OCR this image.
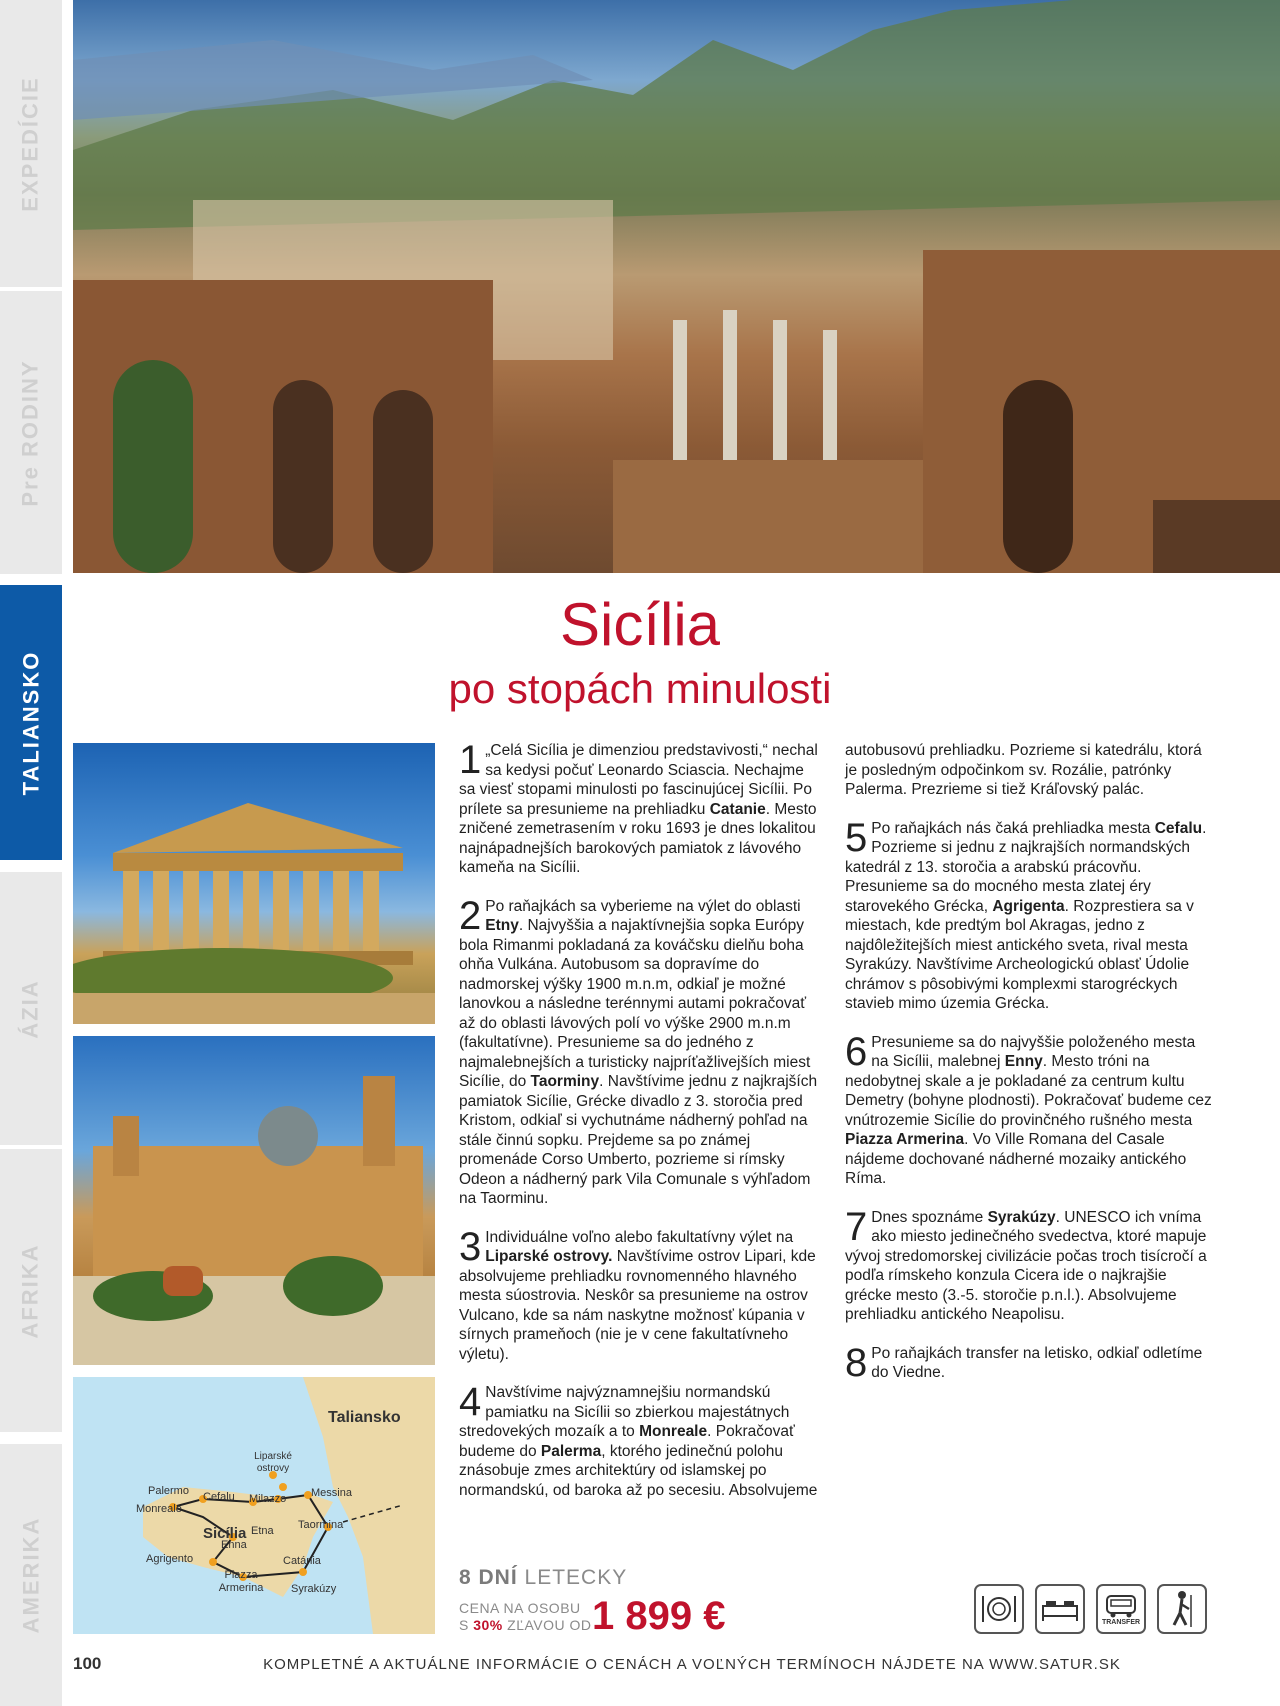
EXPEDÍCIE
Pre RODINY
TALIANSKO
ÁZIA
AFRIKA
AMERIKA
Sicília
po stopách minulosti
Taliansko
Sicília
Liparské ostrovy
Palermo
Monreale
Cefalu Milazzo Messina
Etna
Enna
Taormina
Agrigento	Catánia
Piazza Armerina	Syrakúzy
1 „Celá Sicília je dimenziou predstavivosti,“ nechal sa kedysi počuť Leonardo Sciascia. Nechajme sa viesť stopami minulosti po fascinujúcej Sicílii. Po prílete sa presunieme na prehliadku Catanie. Mesto zničené zemetrasením v roku 1693 je dnes lokalitou najnápadnejších barokových pamiatok z lávového kameňa na Sicílii.
2 Po raňajkách sa vyberieme na výlet do oblasti Etny. Najvyššia a najaktívnejšia sopka Európy bola Rimanmi pokladaná za kováčsku dielňu boha ohňa Vulkána. Autobusom sa dopravíme do nadmorskej výšky 1900 m.n.m, odkiaľ je možné lanovkou a následne terénnymi autami pokračovať až do oblasti lávových polí vo výške 2900 m.n.m (fakultatívne). Presunieme sa do jedného z najmalebnejších a turisticky najpríťažlivejších miest Sicílie, do Taorminy. Navštívime jednu z najkrajších pamiatok Sicílie, Grécke divadlo z 3. storočia pred Kristom, odkiaľ si vychutnáme nádherný pohľad na stále činnú sopku. Prejdeme sa po známej promenáde Corso Umberto, pozrieme si rímsky Odeon a nádherný park Vila Comunale s výhľadom na Taorminu.
3 Individuálne voľno alebo fakultatívny výlet na Liparské ostrovy. Navštívime ostrov Lipari, kde absolvujeme prehliadku rovnomenného hlavného mesta súostrovia. Neskôr sa presunieme na ostrov Vulcano, kde sa nám naskytne možnosť kúpania v sírnych prameňoch (nie je v cene fakultatívneho výletu).
4 Navštívime najvýznamnejšiu normandskú pamiatku na Sicílii so zbierkou majestátnych stredovekých mozaík a to Monreale. Pokračovať budeme do Palerma, ktorého jedinečnú polohu znásobuje zmes architektúry od islamskej po normandskú, od baroka až po secesiu. Absolvujeme
autobusovú prehliadku. Pozrieme si katedrálu, ktorá je posledným odpočinkom sv. Rozálie, patrónky Palerma. Prezrieme si tiež Kráľovský palác.
5 Po raňajkách nás čaká prehliadka mesta Cefalu. Pozrieme si jednu z najkrajších normandských katedrál z 13. storočia a arabskú prácovňu. Presunieme sa do mocného mesta zlatej éry starovekého Grécka, Agrigenta. Rozprestiera sa v miestach, kde predtým bol Akragas, jedno z najdôležitejších miest antického sveta, rival mesta Syrakúzy. Navštívime Archeologickú oblasť Údolie chrámov s pôsobivými komplexmi starogréckych stavieb mimo územia Grécka.
6 Presunieme sa do najvyššie položeného mesta na Sicílii, malebnej Enny. Mesto tróni na nedobytnej skale a je pokladané za centrum kultu Demetry (bohyne plodnosti). Pokračovať budeme cez vnútrozemie Sicílie do provinčného rušného mesta Piazza Armerina. Vo Ville Romana del Casale nájdeme dochované nádherné mozaiky antického Ríma.
7 Dnes spoznáme Syrakúzy. UNESCO ich vníma ako miesto jedinečného svedectva, ktoré mapuje vývoj stredomorskej civilizácie počas troch tisícročí a podľa rímskeho konzula Cicera ide o najkrajšie grécke mesto (3.-5. storočie p.n.l.). Absolvujeme prehliadku antického Neapolisu.
8 Po raňajkách transfer na letisko, odkiaľ odletíme do Viedne.
8 DNÍ LETECKY
CENA NA OSOBU
S 30% ZĽAVOU OD 1 899 €	TRANSFER
100	KOMPLETNÉ A AKTUÁLNE INFORMÁCIE O CENÁCH A VOĽNÝCH TERMÍNOCH NÁJDETE NA WWW.SATUR.SK
